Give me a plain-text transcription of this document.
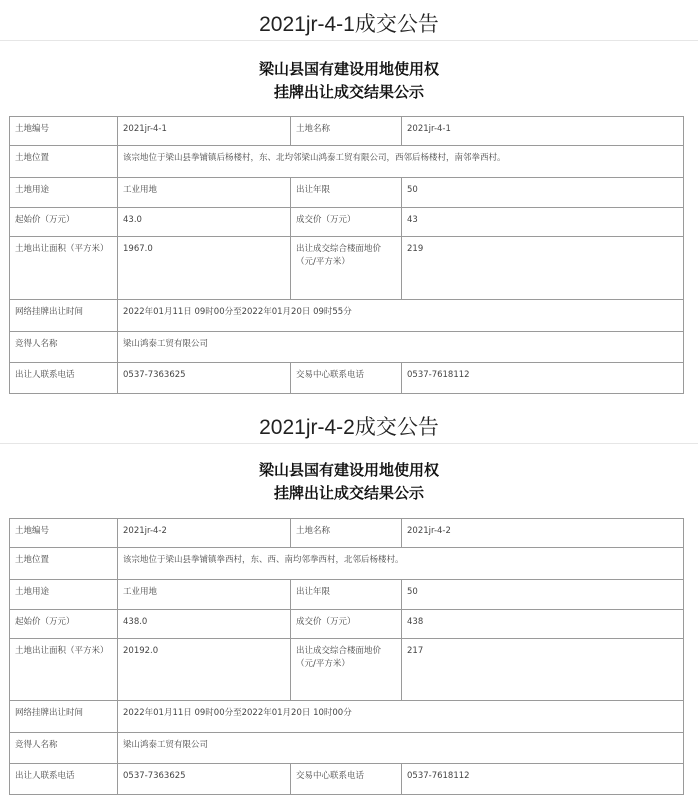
2021jr-4-1成交公告
梁山县国有建设用地使用权
挂牌出让成交结果公示
土地编号	2021jr-4-1	土地名称	2021jr-4-1
土地位置	该宗地位于梁山县拳铺镇后杨楼村，东、北均邻梁山鸿泰工贸有限公司，西邻后杨楼村，南邻拳西村。		
土地用途	工业用地	出让年限	50
起始价（万元）	43.0	成交价（万元）	43
土地出让面积（平方米）	1967.0	出让成交综合楼面地价（元/平方米）	219
网络挂牌出让时间	2022年01月11日 09时00分至2022年01月20日 09时55分		
竞得人名称	梁山鸿泰工贸有限公司		
出让人联系电话	0537-7363625	交易中心联系电话	0537-7618112
2021jr-4-2成交公告
梁山县国有建设用地使用权
挂牌出让成交结果公示
土地编号	2021jr-4-2	土地名称	2021jr-4-2
土地位置	该宗地位于梁山县拳铺镇拳西村，东、西、南均邻拳西村，北邻后杨楼村。		
土地用途	工业用地	出让年限	50
起始价（万元）	438.0	成交价（万元）	438
土地出让面积（平方米）	20192.0	出让成交综合楼面地价（元/平方米）	217
网络挂牌出让时间	2022年01月11日 09时00分至2022年01月20日 10时00分		
竞得人名称	梁山鸿泰工贸有限公司		
出让人联系电话	0537-7363625	交易中心联系电话	0537-7618112
